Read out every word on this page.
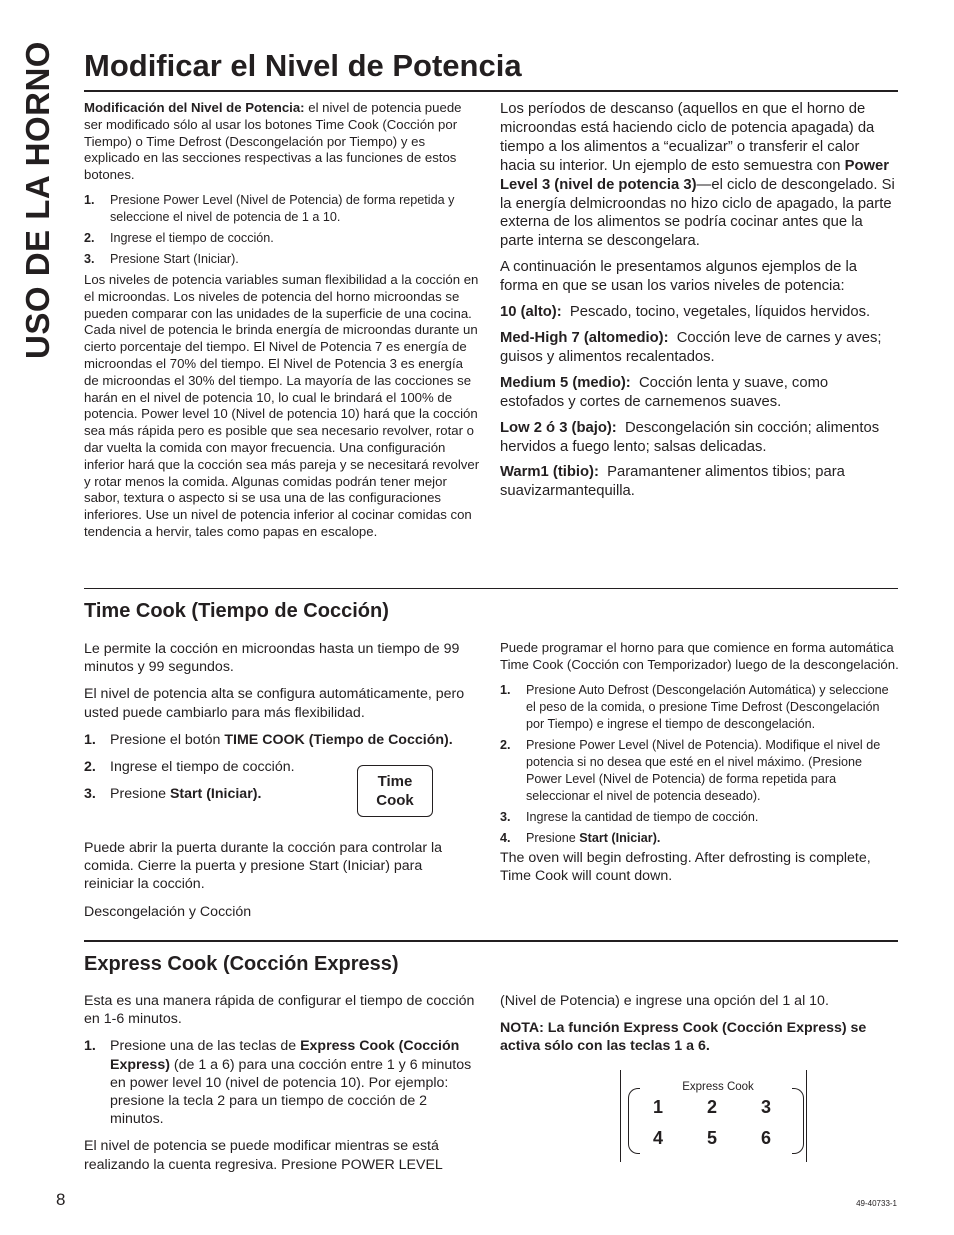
USO DE LA HORNO Modificar el Nivel de Potencia

Modificación del Nivel de Potencia: el nivel de potencia puede ser modificado sólo al usar los botones Time Cook (Cocción por Tiempo) o Time Defrost (Descongelación por Tiempo) y es explicado en las secciones respectivas a las funciones de estos botones.

1. Presione Power Level (Nivel de Potencia) de forma repetida y seleccione el nivel de potencia de 1 a 10.
2. Ingrese el tiempo de cocción.
3. Presione Start (Iniciar).

Los niveles de potencia variables suman flexibilidad a la cocción en el microondas. Los niveles de potencia del horno microondas se pueden comparar con las unidades de la superficie de una cocina. Cada nivel de potencia le brinda energía de microondas durante un cierto porcentaje del tiempo. El Nivel de Potencia 7 es energía de microondas el 70% del tiempo. El Nivel de Potencia 3 es energía de microondas el 30% del tiempo. La mayoría de las cocciones se harán en el nivel de potencia 10, lo cual le brindará el 100% de potencia. Power level 10 (Nivel de potencia 10) hará que la cocción sea más rápida pero es posible que sea necesario revolver, rotar o dar vuelta la comida con mayor frecuencia. Una configuración inferior hará que la cocción sea más pareja y se necesitará revolver y rotar menos la comida. Algunas comidas podrán tener mejor sabor, textura o aspecto si se usa una de las configuraciones inferiores. Use un nivel de potencia inferior al cocinar comidas con tendencia a hervir, tales como papas en escalope.

Los períodos de descanso (aquellos en que el horno de microondas está haciendo ciclo de potencia apagada) da tiempo a los alimentos a “ecualizar” o transferir el calor hacia su interior. Un ejemplo de esto semuestra con Power Level 3 (nivel de potencia 3)—el ciclo de descongelado. Si la energía delmicroondas no hizo ciclo de apagado, la parte externa de los alimentos se podría cocinar antes que la parte interna se descongelara.

A continuación le presentamos algunos ejemplos de la forma en que se usan los varios niveles de potencia:

10 (alto): Pescado, tocino, vegetales, líquidos hervidos.

Med-High 7 (altomedio): Cocción leve de carnes y aves; guisos y alimentos recalentados.

Medium 5 (medio): Cocción lenta y suave, como estofados y cortes de carnemenos suaves.

Low 2 ó 3 (bajo): Descongelación sin cocción; alimentos hervidos a fuego lento; salsas delicadas.

Warm1 (tibio): Paramantener alimentos tibios; para suavizarmantequilla.

Time Cook (Tiempo de Cocción)

Le permite la cocción en microondas hasta un tiempo de 99 minutos y 99 segundos.

El nivel de potencia alta se configura automáticamente, pero usted puede cambiarlo para más flexibilidad.

1. Presione el botón TIME COOK (Tiempo de Cocción).
2. Ingrese el tiempo de cocción.
3. Presione Start (Iniciar).
Time
Cook

Puede abrir la puerta durante la cocción para controlar la comida. Cierre la puerta y presione Start (Iniciar) para reiniciar la cocción.

Descongelación y Cocción

Puede programar el horno para que comience en forma automática Time Cook (Cocción con Temporizador) luego de la descongelación.

1. Presione Auto Defrost (Descongelación Automática) y seleccione el peso de la comida, o presione Time Defrost (Descongelación por Tiempo) e ingrese el tiempo de descongelación.
2. Presione Power Level (Nivel de Potencia). Modifique el nivel de potencia si no desea que esté en el nivel máximo. (Presione Power Level (Nivel de Potencia) de forma repetida para seleccionar el nivel de potencia deseado).
3. Ingrese la cantidad de tiempo de cocción.
4. Presione Start (Iniciar).

The oven will begin defrosting. After defrosting is complete, Time Cook will count down.

Express Cook (Cocción Express)

Esta es una manera rápida de configurar el tiempo de cocción en 1-6 minutos.

1. Presione una de las teclas de Express Cook (Cocción Express) (de 1 a 6) para una cocción entre 1 y 6 minutos en power level 10 (nivel de potencia 10). Por ejemplo: presione la tecla 2 para un tiempo de cocción de 2 minutos.

El nivel de potencia se puede modificar mientras se está realizando la cuenta regresiva. Presione POWER LEVEL

(Nivel de Potencia) e ingrese una opción del 1 al 10.

NOTA: La función Express Cook (Cocción Express) se activa sólo con las teclas 1 a 6.

Express Cook
1	2	3
4	5	6
8	49-40733-1
